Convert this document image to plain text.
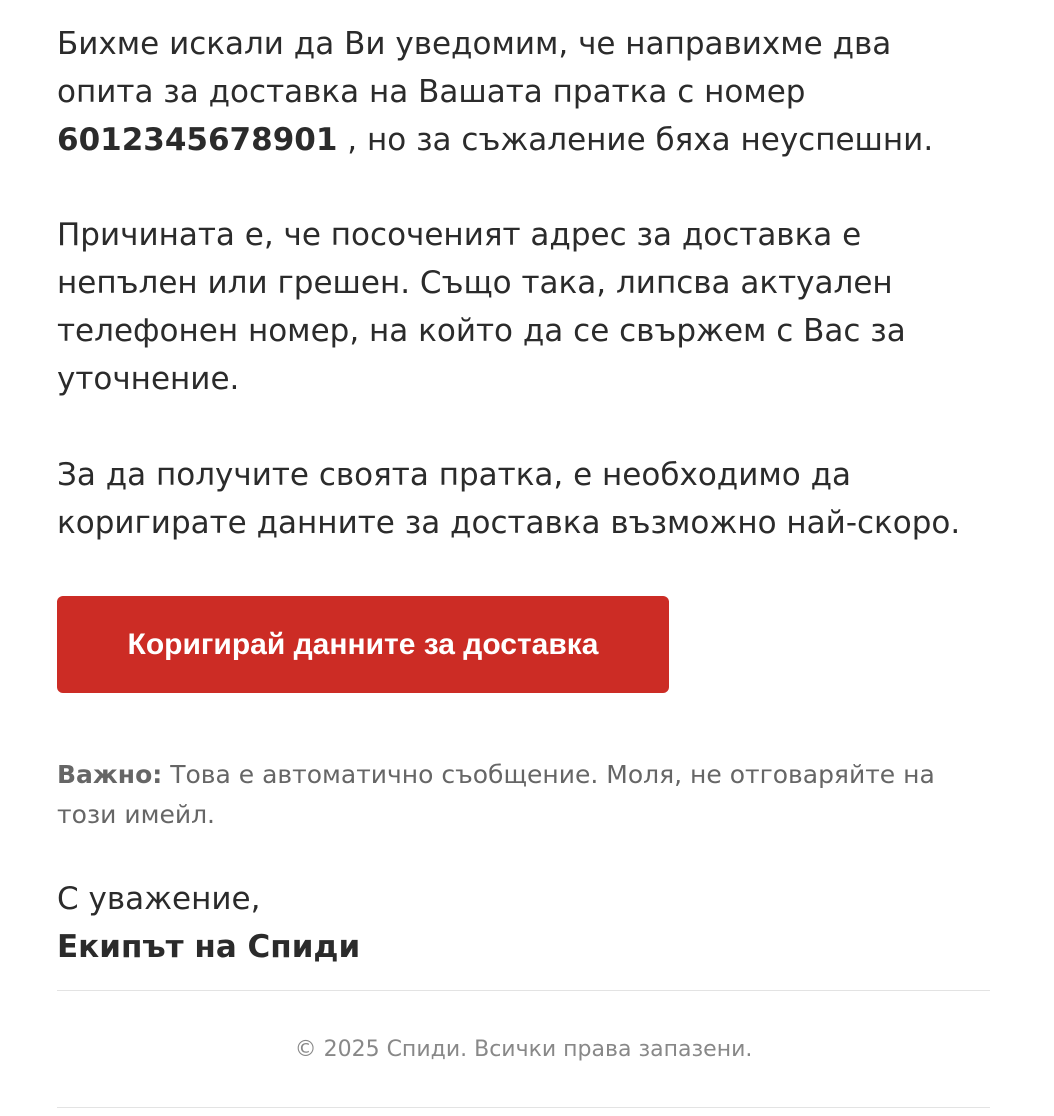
Бихме искали да Ви уведомим, че направихме два опита за доставка на Вашата пратка с номер
6012345678901 , но за съжаление бяха неуспешни.

Причината е, че посоченият адрес за доставка е непълен или грешен. Също така, липсва актуален телефонен номер, на който да се свържем с Вас за уточнение.

За да получите своята пратка, е необходимо да коригирате данните за доставка възможно най-скоро.

Коригирай данните за доставка

Важно: Това е автоматично съобщение. Моля, не отговаряйте на този имейл.

С уважение,
Екипът на Спиди
© 2025 Спиди. Всички права запазени.
